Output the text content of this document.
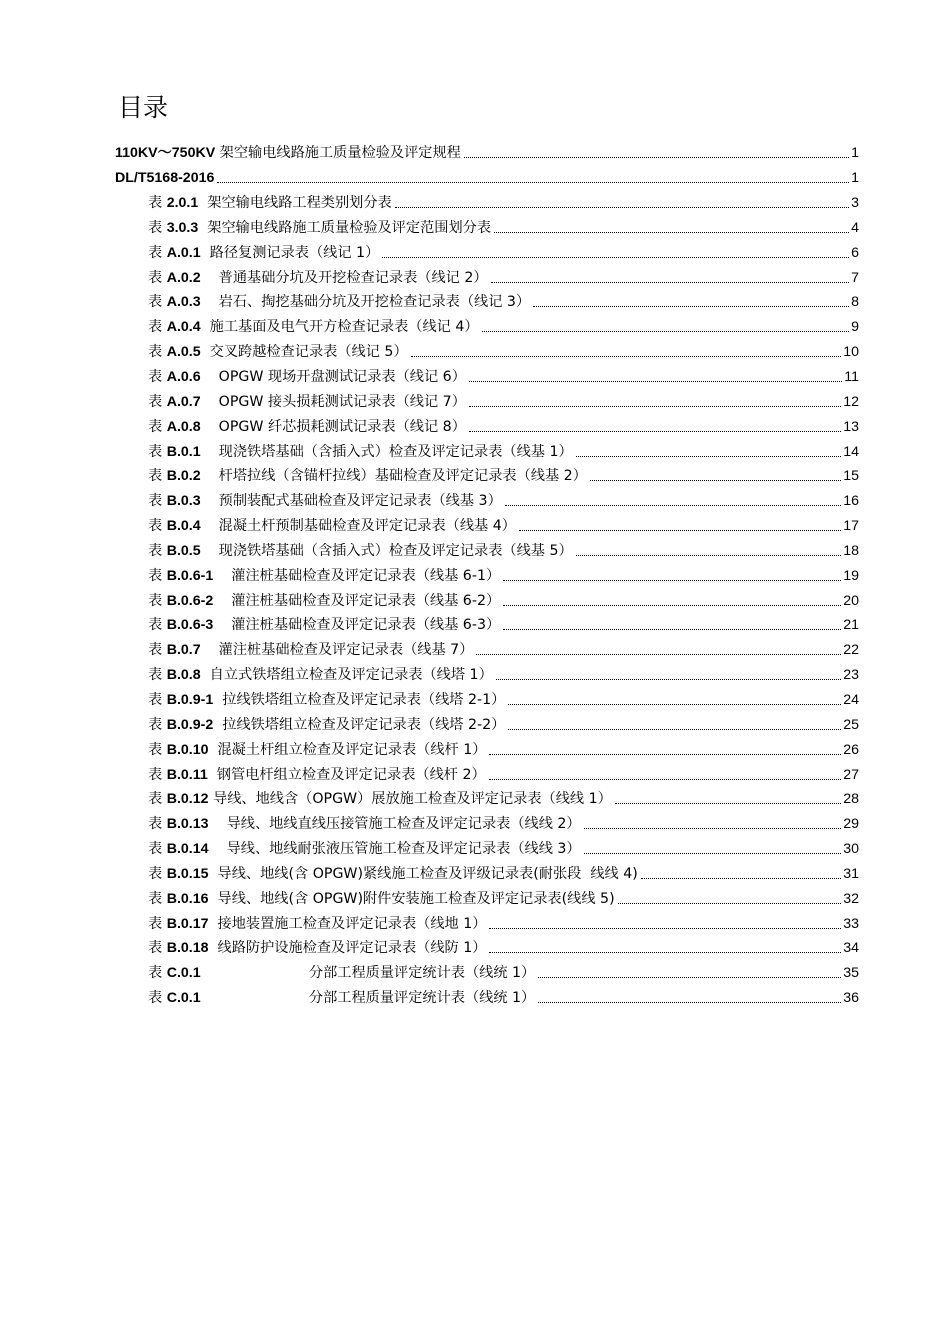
目录
110KV～750KV 架空输电线路施工质量检验及评定规程	1
DL/T5168-2016	1
表 2.0.1 架空输电线路工程类别划分表	3
表 3.0.3 架空输电线路施工质量检验及评定范围划分表	4
表 A.0.1 路径复测记录表（线记 1）	6
表 A.0.2 普通基础分坑及开挖检查记录表（线记 2）	7
表 A.0.3 岩石、掏挖基础分坑及开挖检查记录表（线记 3）	8
表 A.0.4 施工基面及电气开方检查记录表（线记 4）	9
表 A.0.5 交叉跨越检查记录表（线记 5）	10
表 A.0.6 OPGW 现场开盘测试记录表（线记 6）	11
表 A.0.7 OPGW 接头损耗测试记录表（线记 7）	12
表 A.0.8 OPGW 纤芯损耗测试记录表（线记 8）	13
表 B.0.1 现浇铁塔基础（含插入式）检查及评定记录表（线基 1）	14
表 B.0.2 杆塔拉线（含锚杆拉线）基础检查及评定记录表（线基 2）	15
表 B.0.3 预制装配式基础检查及评定记录表（线基 3）	16
表 B.0.4 混凝土杆预制基础检查及评定记录表（线基 4）	17
表 B.0.5 现浇铁塔基础（含插入式）检查及评定记录表（线基 5）	18
表 B.0.6-1 灌注桩基础检查及评定记录表（线基 6-1）	19
表 B.0.6-2 灌注桩基础检查及评定记录表（线基 6-2）	20
表 B.0.6-3 灌注桩基础检查及评定记录表（线基 6-3）	21
表 B.0.7 灌注桩基础检查及评定记录表（线基 7）	22
表 B.0.8 自立式铁塔组立检查及评定记录表（线塔 1）	23
表 B.0.9-1 拉线铁塔组立检查及评定记录表（线塔 2-1）	24
表 B.0.9-2 拉线铁塔组立检查及评定记录表（线塔 2-2）	25
表 B.0.10 混凝土杆组立检查及评定记录表（线杆 1）	26
表 B.0.11 钢管电杆组立检查及评定记录表（线杆 2）	27
表 B.0.12 导线、地线含（OPGW）展放施工检查及评定记录表（线线 1）	28
表 B.0.13 导线、地线直线压接管施工检查及评定记录表（线线 2）	29
表 B.0.14 导线、地线耐张液压管施工检查及评定记录表（线线 3）	30
表 B.0.15 导线、地线(含 OPGW)紧线施工检查及评级记录表(耐张段  线线 4)	31
表 B.0.16 导线、地线(含 OPGW)附件安装施工检查及评定记录表(线线 5)	32
表 B.0.17 接地装置施工检查及评定记录表（线地 1）	33
表 B.0.18 线路防护设施检查及评定记录表（线防 1）	34
表 C.0.1	分部工程质量评定统计表（线统 1）	35
表 C.0.1	分部工程质量评定统计表（线统 1）	36
